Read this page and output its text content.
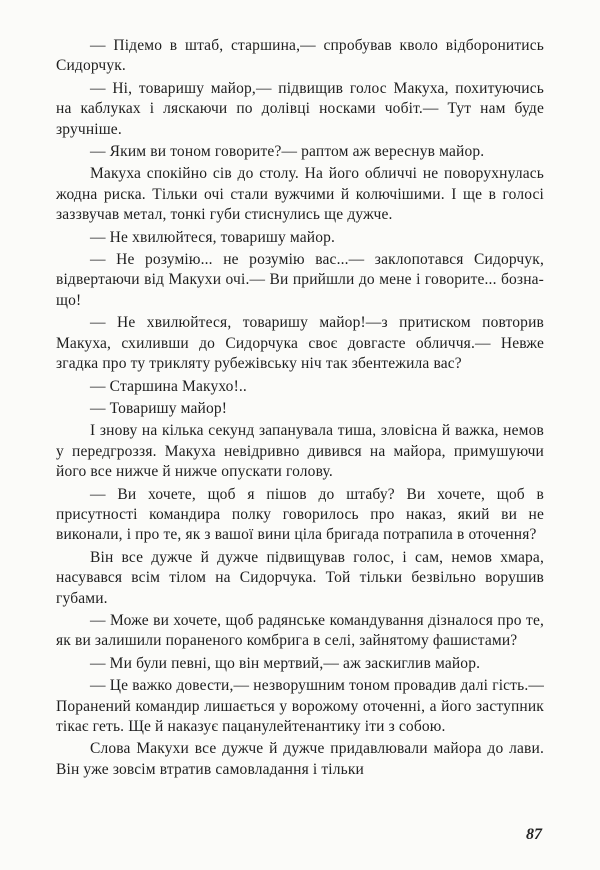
— Підемо в штаб, старшина,— спробував кволо відборонитись Сидорчук.

— Ні, товаришу майор,— підвищив голос Макуха, похитуючись на каблуках і ляскаючи по долівці носками чобіт.— Тут нам буде зручніше.

— Яким ви тоном говорите?— раптом аж вереснув майор.

Макуха спокійно сів до столу. На його обличчі не поворухнулась жодна риска. Тільки очі стали вужчими й колючішими. І ще в голосі заззвучав метал, тонкі губи стиснулись ще дужче.

— Не хвилюйтеся, товаришу майор.

— Не розумію... не розумію вас...— заклопотався Сидорчук, відвертаючи від Макухи очі.— Ви прийшли до мене і говорите... бозна-що!

— Не хвилюйтеся, товаришу майор!—з притиском повторив Макуха, схиливши до Сидорчука своє довгасте обличчя.— Невже згадка про ту триклятy рубежівську ніч так збентежила вас?

— Старшина Макухо!..

— Товаришу майор!

І знову на кілька секунд запанувала тиша, зловісна й важка, немов у передгроззя. Макуха невідривно дивився на майора, примушуючи його все нижче й нижче опускати голову.

— Ви хочете, щоб я пішов до штабу? Ви хочете, щоб в присутності командира полку говорилось про наказ, який ви не виконали, і про те, як з вашої вини ціла бригада потрапила в оточення?

Він все дужче й дужче підвищував голос, і сам, немов хмара, насувався всім тілом на Сидорчука. Той тільки безвільно ворушив губами.

— Може ви хочете, щоб радянське командування дізналося про те, як ви залишили пораненого комбрига в селі, зайнятому фашистами?

— Ми були певні, що він мертвий,— аж заскиглив майор.

— Це важко довести,— незворушним тоном провадив далі гість.— Поранений командир лишається у ворожому оточенні, а його заступник тікає геть. Ще й наказує пацанулейтенантику іти з собою.

Слова Макухи все дужче й дужче придавлювали майора до лави. Він уже зовсім втратив самовладання і тільки

87
